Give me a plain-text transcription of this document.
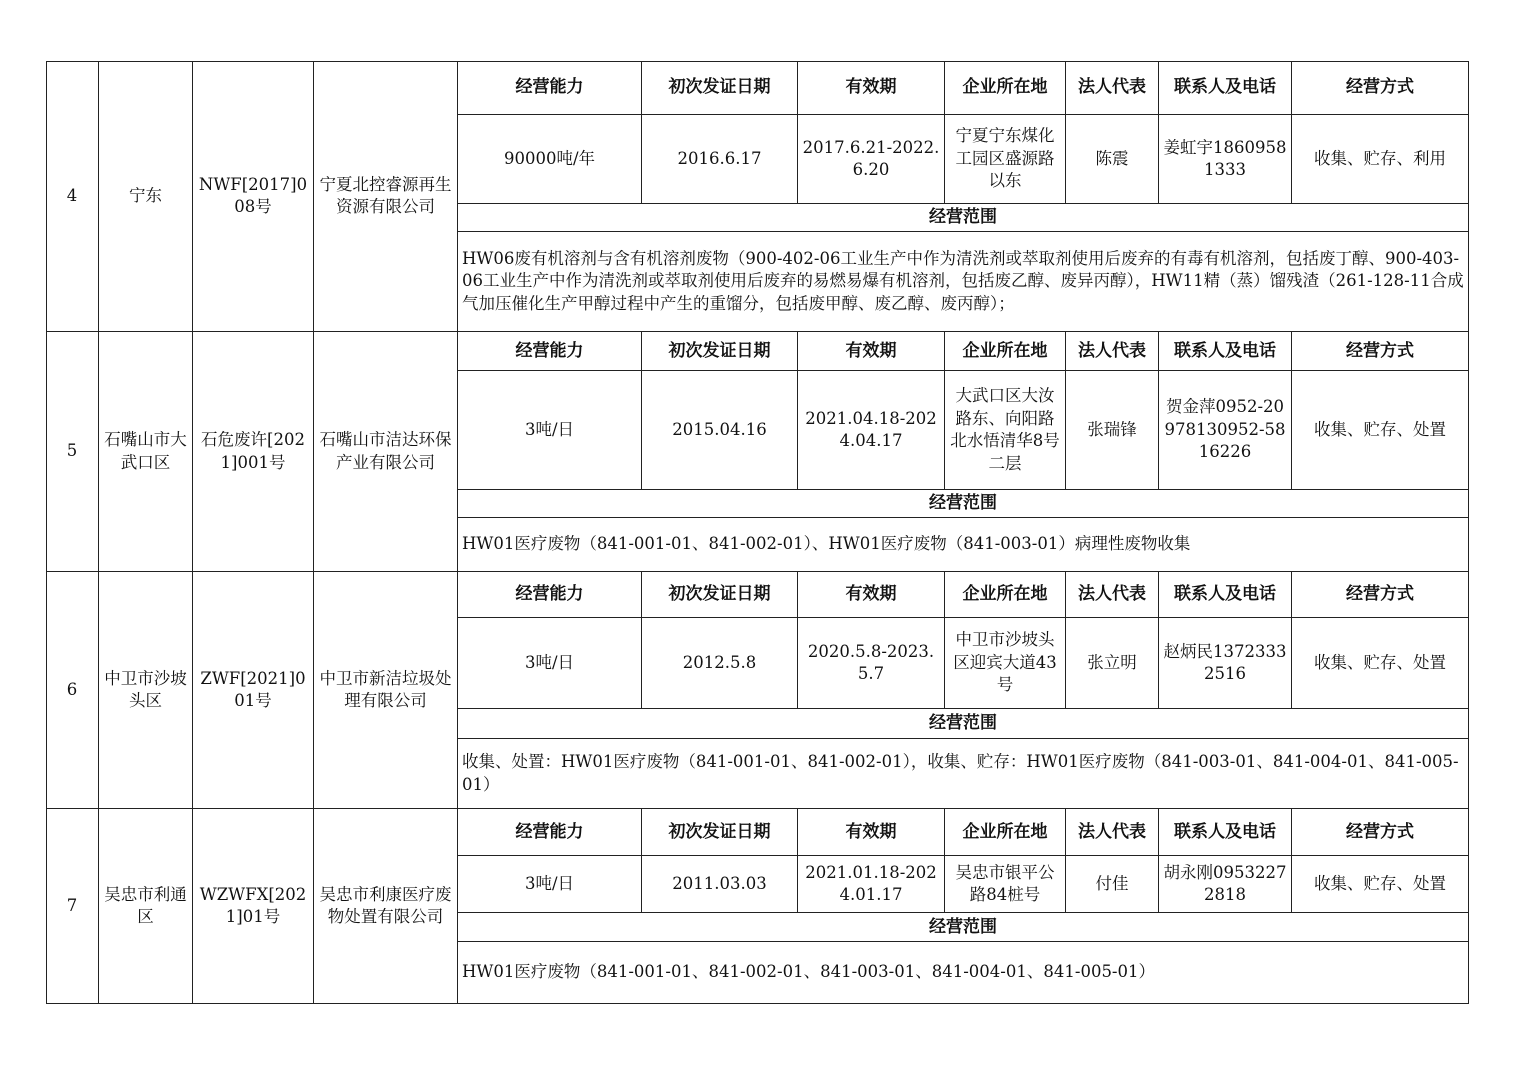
4	宁东
NWF[2017]008号
宁夏北控睿源再生资源有限公司
经营能力
90000吨/年
初次发证日期
2016.6.17
有效期
2017.6.21-2022.6.20
企业所在地
宁夏宁东煤化工园区盛源路以东
法人代表
陈震
联系人及电话
姜虹宇18609581333
经营方式
收集、贮存、利用
经营范围
HW06废有机溶剂与含有机溶剂废物（900-402-06工业生产中作为清洗剂或萃取剂使用后废弃的有毒有机溶剂，包括废丁醇、900-403-06工业生产中作为清洗剂或萃取剂使用后废弃的易燃易爆有机溶剂，包括废乙醇、废异丙醇），HW11精（蒸）馏残渣（261-128-11合成气加压催化生产甲醇过程中产生的重馏分，包括废甲醇、废乙醇、废丙醇）；
5
石嘴山市大武口区
石危废许[2021]001号
石嘴山市洁达环保产业有限公司
经营能力
3吨/日
初次发证日期
2015.04.16
有效期
2021.04.18-2024.04.17
企业所在地
大武口区大汝路东、向阳路北水悟清华8号二层
法人代表
张瑞锋
联系人及电话
贺金萍0952-20978130952-5816226
经营方式
收集、贮存、处置
经营范围
HW01医疗废物（841-001-01、841-002-01）、HW01医疗废物（841-003-01）病理性废物收集
6
中卫市沙坡头区
ZWF[2021]001号
中卫市新洁垃圾处理有限公司
经营能力
3吨/日
初次发证日期
2012.5.8
有效期
2020.5.8-2023.5.7
企业所在地
中卫市沙坡头区迎宾大道43号
法人代表
张立明
联系人及电话
赵炳民13723332516
经营方式
收集、贮存、处置
经营范围
收集、处置：HW01医疗废物（841-001-01、841-002-01），收集、贮存：HW01医疗废物（841-003-01、841-004-01、841-005-01）
7
吴忠市利通区
WZWFX[2021]01号
吴忠市利康医疗废物处置有限公司
经营能力
3吨/日
初次发证日期
2011.03.03
有效期
2021.01.18-2024.01.17
企业所在地
吴忠市银平公路84桩号
法人代表
付佳
联系人及电话
胡永刚09532272818
经营方式
收集、贮存、处置
经营范围
HW01医疗废物（841-001-01、841-002-01、841-003-01、841-004-01、841-005-01）
